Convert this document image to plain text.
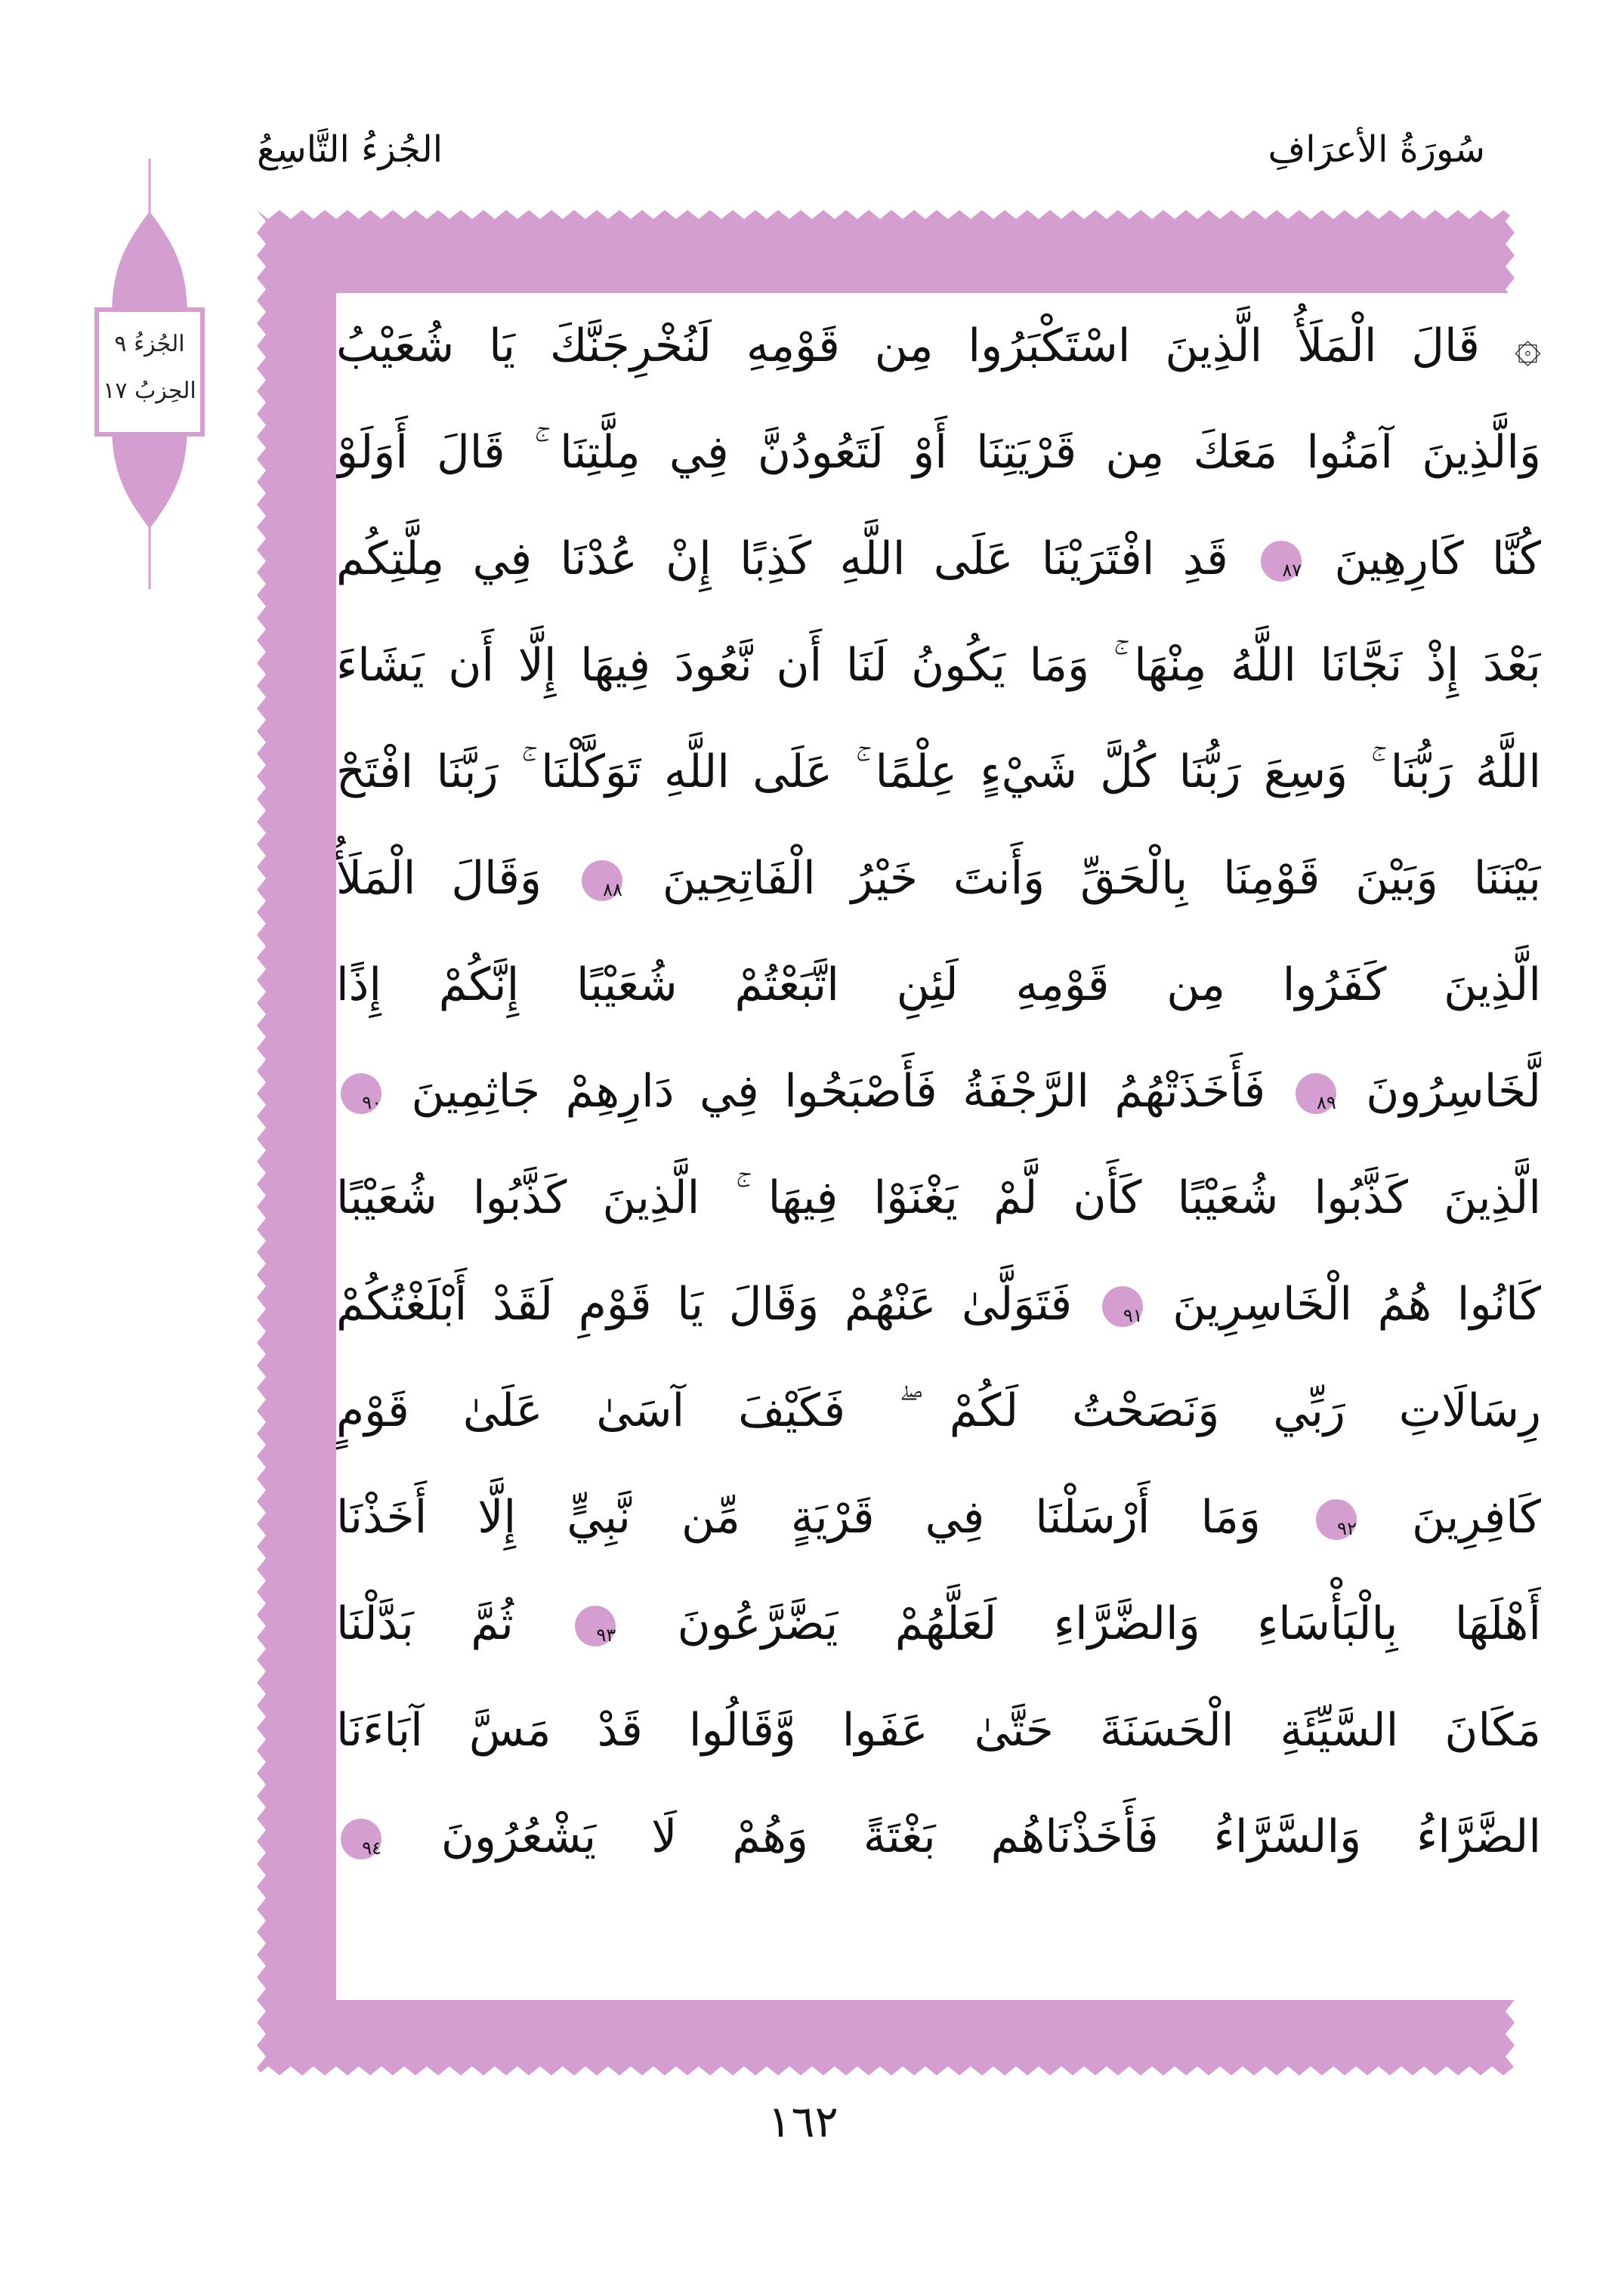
سُورَةُ الأعرَافِ
الجُزءُ التَّاسِعُ
الجُزءُ ٩
الحِزبُ ١٧
۞ قَالَ الْمَلَأُ الَّذِينَ اسْتَكْبَرُوا مِن قَوْمِهِ لَنُخْرِجَنَّكَ يَا شُعَيْبُ
وَالَّذِينَ آمَنُوا مَعَكَ مِن قَرْيَتِنَا أَوْ لَتَعُودُنَّ فِي مِلَّتِنَا ۚ قَالَ أَوَلَوْ
كُنَّا كَارِهِينَ
٨٧ قَدِ افْتَرَيْنَا عَلَى اللَّهِ كَذِبًا إِنْ عُدْنَا فِي مِلَّتِكُم
بَعْدَ إِذْ نَجَّانَا اللَّهُ مِنْهَا ۚ وَمَا يَكُونُ لَنَا أَن نَّعُودَ فِيهَا إِلَّا أَن يَشَاءَ
اللَّهُ رَبُّنَا ۚ وَسِعَ رَبُّنَا كُلَّ شَيْءٍ عِلْمًا ۚ عَلَى اللَّهِ تَوَكَّلْنَا ۚ رَبَّنَا افْتَحْ
بَيْنَنَا وَبَيْنَ قَوْمِنَا بِالْحَقِّ وَأَنتَ خَيْرُ الْفَاتِحِينَ
٨٨ وَقَالَ الْمَلَأُ
الَّذِينَ كَفَرُوا مِن قَوْمِهِ لَئِنِ اتَّبَعْتُمْ شُعَيْبًا إِنَّكُمْ إِذًا
لَّخَاسِرُونَ
٨٩ فَأَخَذَتْهُمُ الرَّجْفَةُ فَأَصْبَحُوا فِي دَارِهِمْ جَاثِمِينَ
٩٠
الَّذِينَ كَذَّبُوا شُعَيْبًا كَأَن لَّمْ يَغْنَوْا فِيهَا ۚ الَّذِينَ كَذَّبُوا شُعَيْبًا
كَانُوا هُمُ الْخَاسِرِينَ
٩١ فَتَوَلَّىٰ عَنْهُمْ وَقَالَ يَا قَوْمِ لَقَدْ أَبْلَغْتُكُمْ
رِسَالَاتِ رَبِّي وَنَصَحْتُ لَكُمْ ۖ فَكَيْفَ آسَىٰ عَلَىٰ قَوْمٍ
كَافِرِينَ
٩٢ وَمَا أَرْسَلْنَا فِي قَرْيَةٍ مِّن نَّبِيٍّ إِلَّا أَخَذْنَا
أَهْلَهَا بِالْبَأْسَاءِ وَالضَّرَّاءِ لَعَلَّهُمْ يَضَّرَّعُونَ
٩٣ ثُمَّ بَدَّلْنَا
مَكَانَ السَّيِّئَةِ الْحَسَنَةَ حَتَّىٰ عَفَوا وَّقَالُوا قَدْ مَسَّ آبَاءَنَا
الضَّرَّاءُ وَالسَّرَّاءُ فَأَخَذْنَاهُم بَغْتَةً وَهُمْ لَا يَشْعُرُونَ
٩٤
١٦٢
